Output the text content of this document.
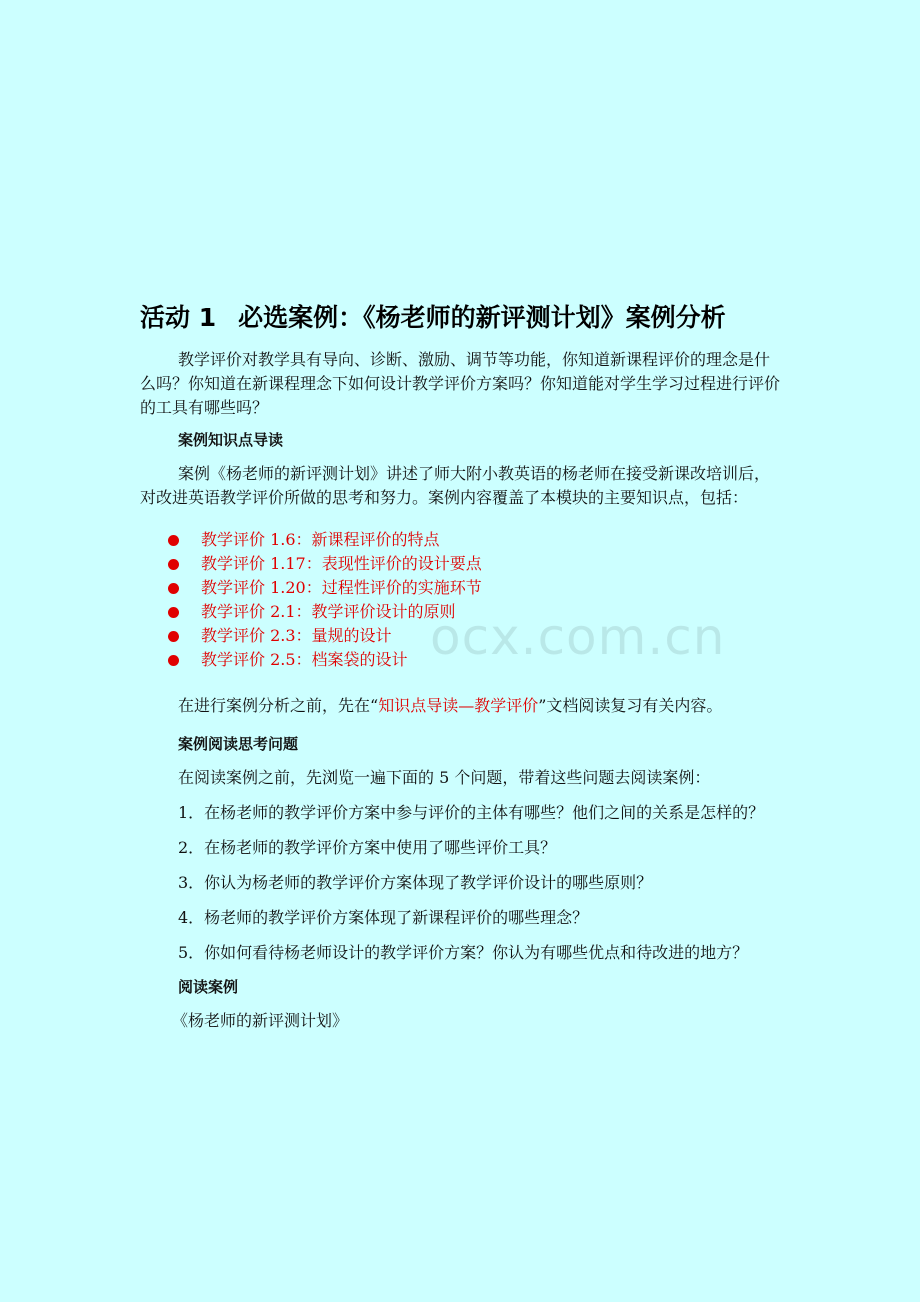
ocx.com.cn
活动 1 必选案例：《杨老师的新评测计划》案例分析

教学评价对教学具有导向、诊断、激励、调节等功能，你知道新课程评价的理念是什么吗？你知道在新课程理念下如何设计教学评价方案吗？你知道能对学生学习过程进行评价的工具有哪些吗？

案例知识点导读

案例《杨老师的新评测计划》讲述了师大附小教英语的杨老师在接受新课改培训后，对改进英语教学评价所做的思考和努力。案例内容覆盖了本模块的主要知识点，包括：

教学评价 1.6：新课程评价的特点
教学评价 1.17：表现性评价的设计要点
教学评价 1.20：过程性评价的实施环节
教学评价 2.1：教学评价设计的原则
教学评价 2.3：量规的设计
教学评价 2.5：档案袋的设计

在进行案例分析之前，先在“知识点导读—教学评价”文档阅读复习有关内容。

案例阅读思考问题

在阅读案例之前，先浏览一遍下面的 5 个问题，带着这些问题去阅读案例：

1．在杨老师的教学评价方案中参与评价的主体有哪些？他们之间的关系是怎样的？

2．在杨老师的教学评价方案中使用了哪些评价工具？

3．你认为杨老师的教学评价方案体现了教学评价设计的哪些原则？

4．杨老师的教学评价方案体现了新课程评价的哪些理念？

5．你如何看待杨老师设计的教学评价方案？你认为有哪些优点和待改进的地方？

阅读案例

《杨老师的新评测计划》
